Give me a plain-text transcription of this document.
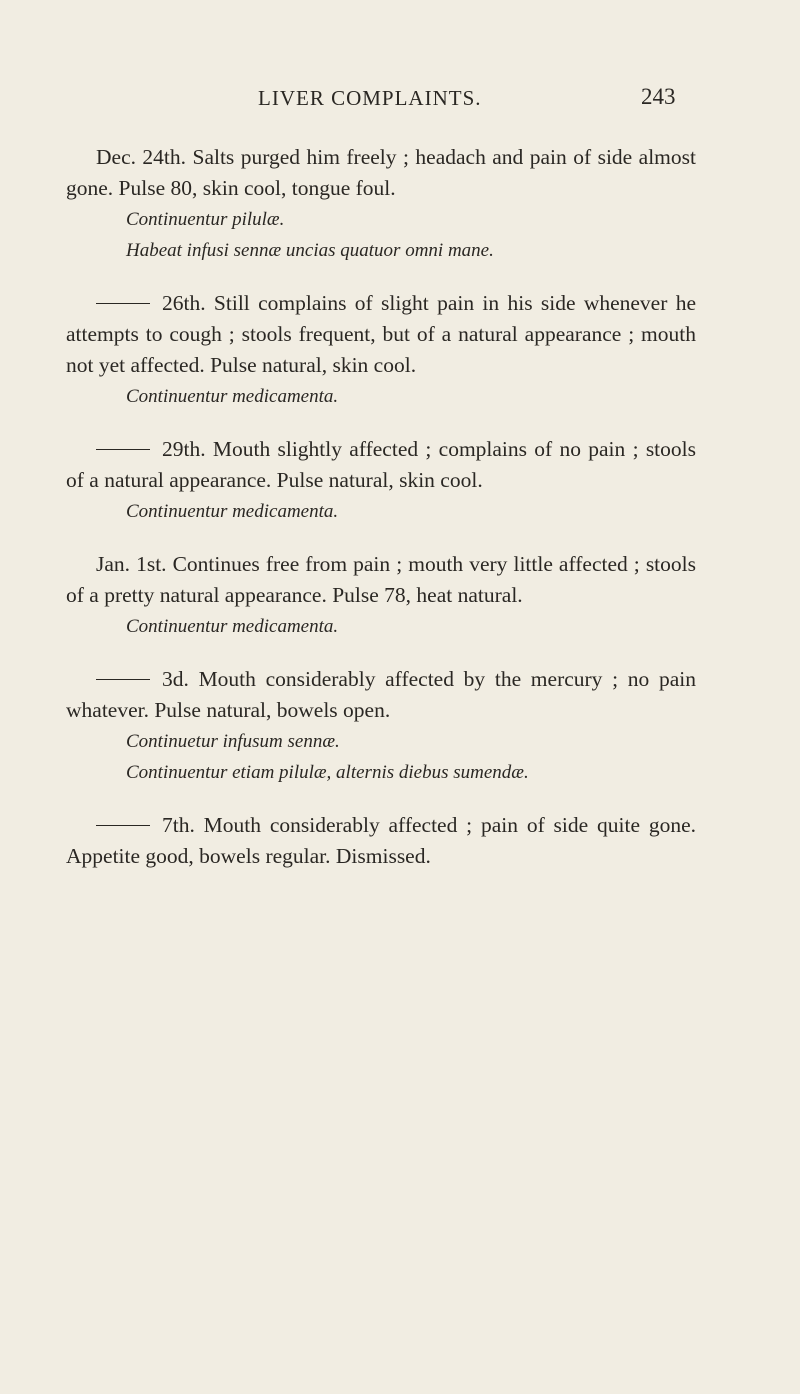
LIVER COMPLAINTS.	243

Dec. 24th. Salts purged him freely ; headach and pain of side almost gone. Pulse 80, skin cool, tongue foul.

Continuentur pilulæ.

Habeat infusi sennæ uncias quatuor omni mane.

26th. Still complains of slight pain in his side whenever he attempts to cough ; stools frequent, but of a natural appearance ; mouth not yet affected. Pulse natural, skin cool.

Continuentur medicamenta.

29th. Mouth slightly affected ; complains of no pain ; stools of a natural appearance. Pulse natural, skin cool.

Continuentur medicamenta.

Jan. 1st. Continues free from pain ; mouth very little affected ; stools of a pretty natural appearance. Pulse 78, heat natural.

Continuentur medicamenta.

3d. Mouth considerably affected by the mercury ; no pain whatever. Pulse natural, bowels open.

Continuetur infusum sennæ.

Continuentur etiam pilulæ, alternis diebus sumendæ.

7th. Mouth considerably affected ; pain of side quite gone. Appetite good, bowels regular. Dismissed.
